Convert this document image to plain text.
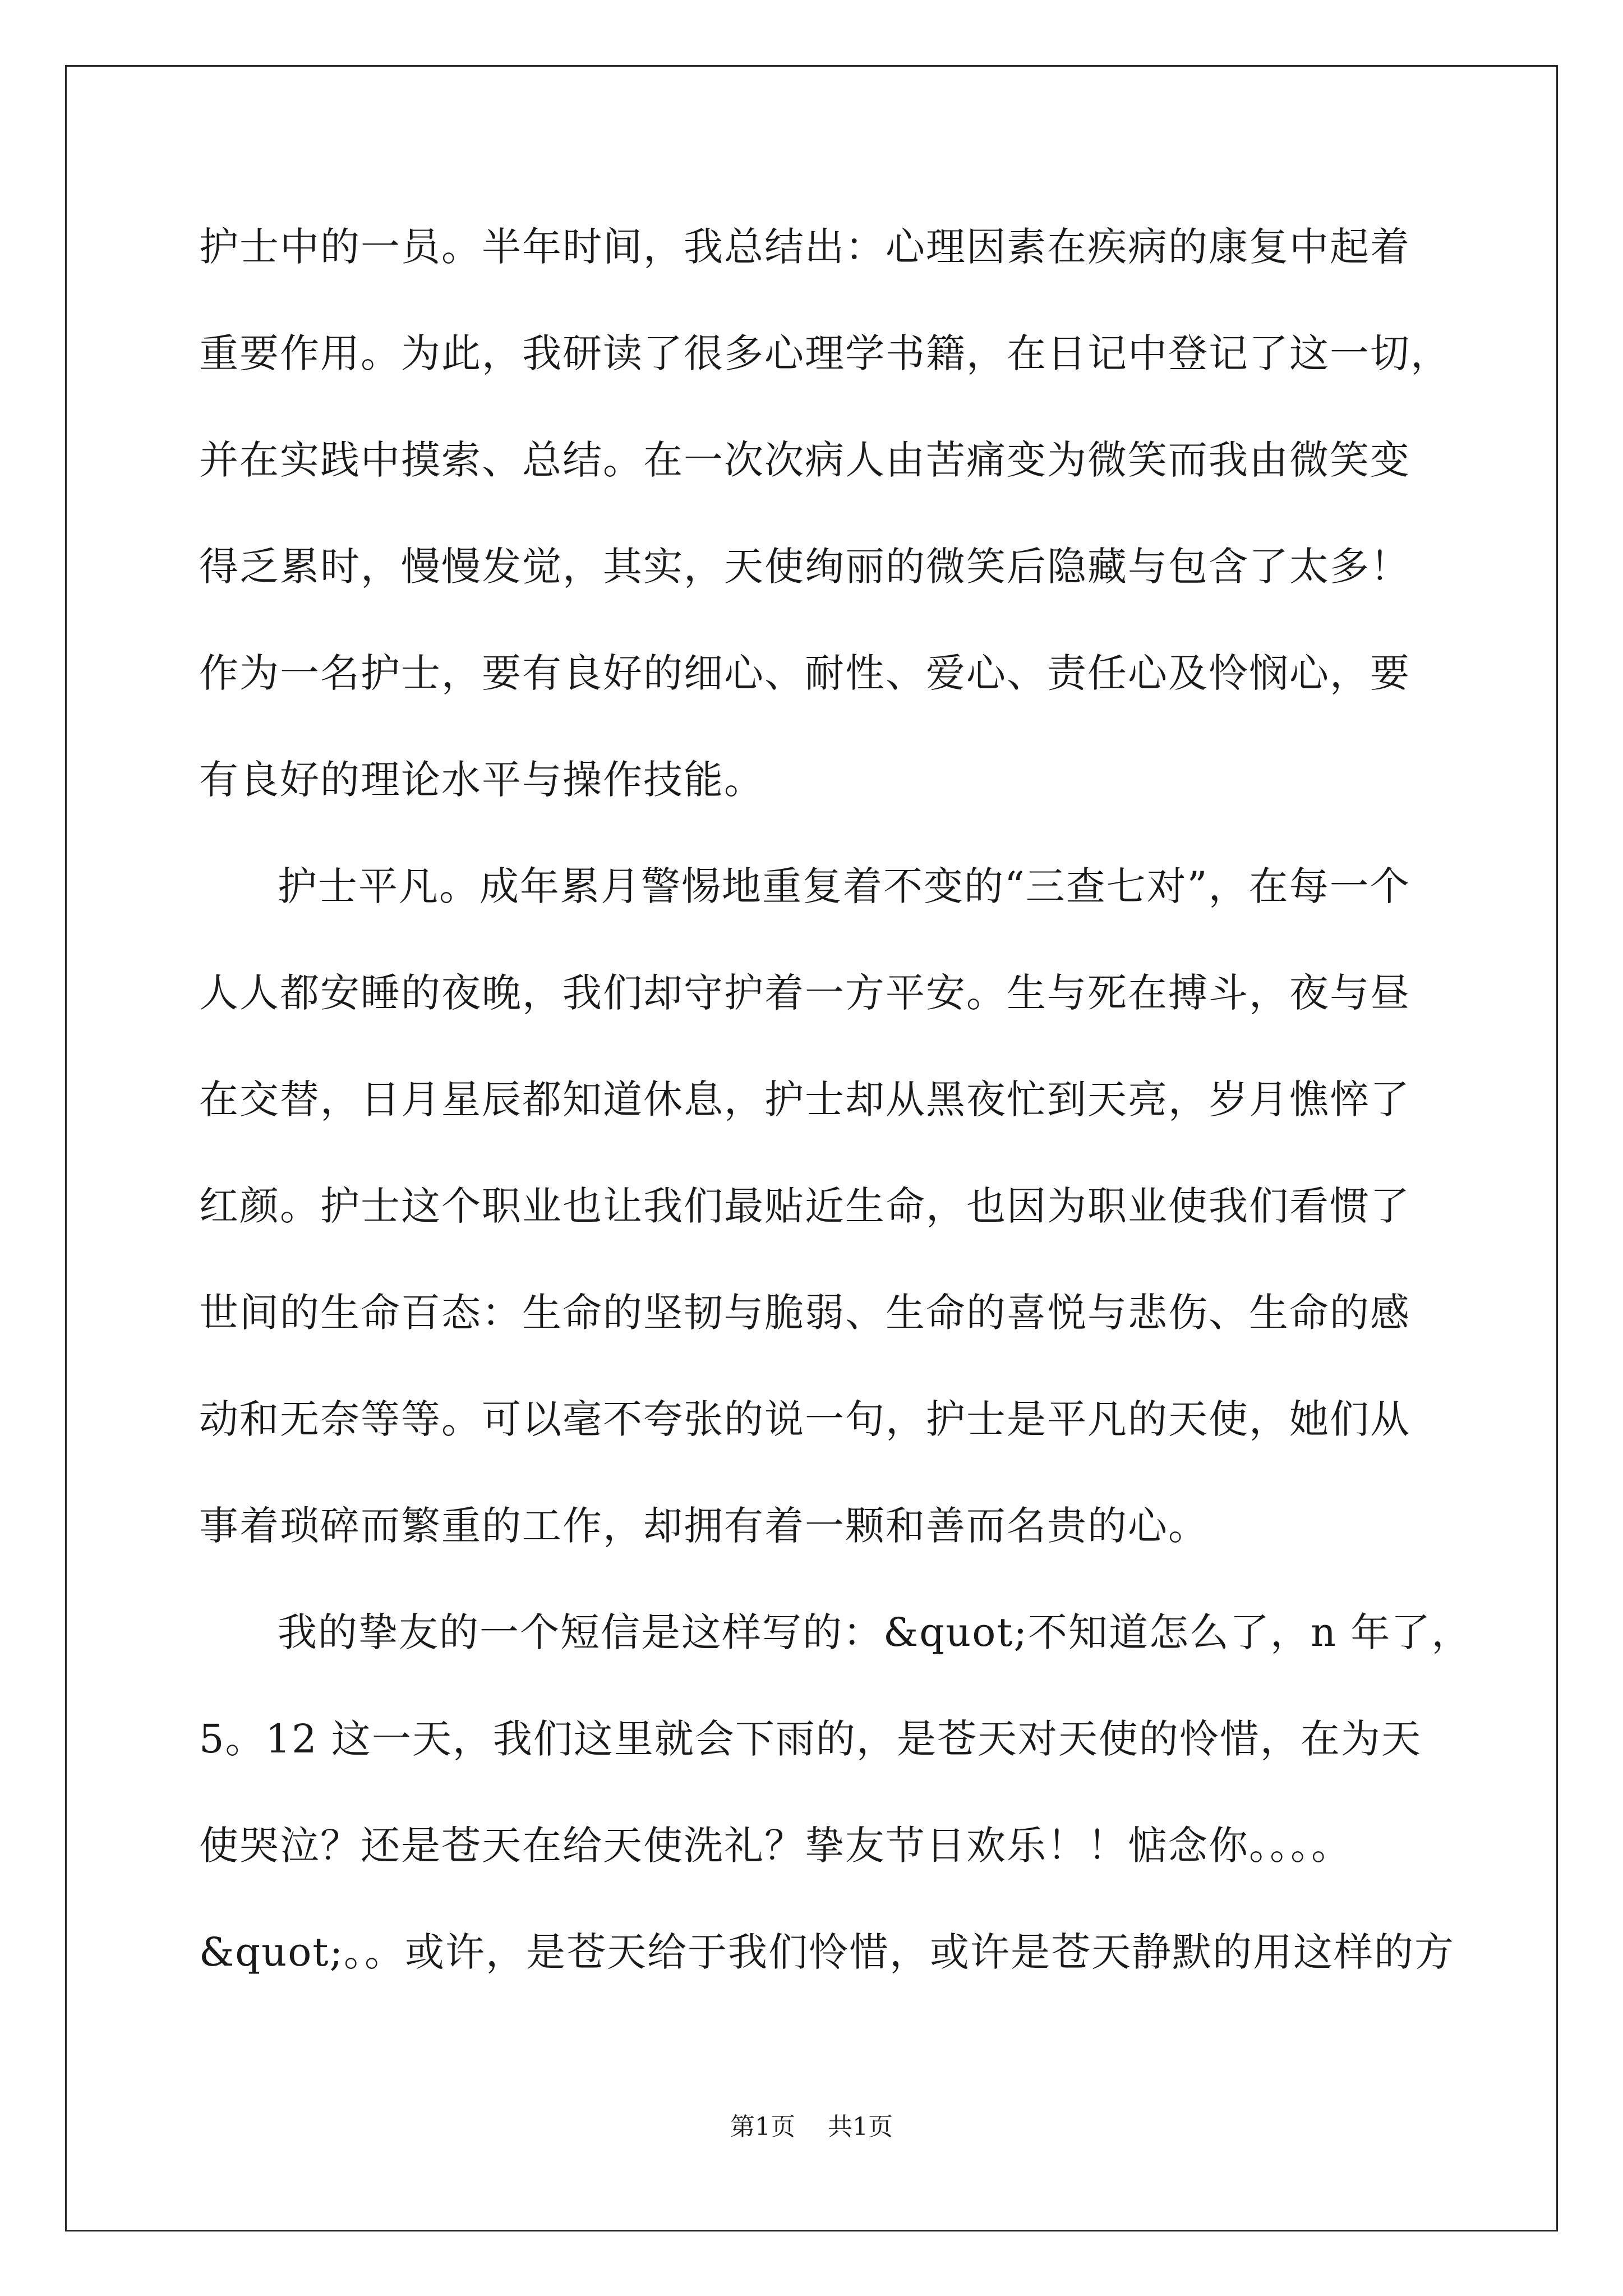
护士中的一员。半年时间，我总结出：心理因素在疾病的康复中起着
重要作用。为此，我研读了很多心理学书籍，在日记中登记了这一切，
并在实践中摸索、总结。在一次次病人由苦痛变为微笑而我由微笑变
得乏累时，慢慢发觉，其实，天使绚丽的微笑后隐藏与包含了太多！
作为一名护士，要有良好的细心、耐性、爱心、责任心及怜悯心，要
有良好的理论水平与操作技能。
护士平凡。成年累月警惕地重复着不变的“三查七对”，在每一个
人人都安睡的夜晚，我们却守护着一方平安。生与死在搏斗，夜与昼
在交替，日月星辰都知道休息，护士却从黑夜忙到天亮，岁月憔悴了
红颜。护士这个职业也让我们最贴近生命，也因为职业使我们看惯了
世间的生命百态：生命的坚韧与脆弱、生命的喜悦与悲伤、生命的感
动和无奈等等。可以毫不夸张的说一句，护士是平凡的天使，她们从
事着琐碎而繁重的工作，却拥有着一颗和善而名贵的心。
我的挚友的一个短信是这样写的：&quot;不知道怎么了，n 年了，
5。12 这一天，我们这里就会下雨的，是苍天对天使的怜惜，在为天
使哭泣？还是苍天在给天使洗礼？挚友节日欢乐！！惦念你。。。。
&quot;。。或许，是苍天给于我们怜惜，或许是苍天静默的用这样的方
第1页 共1页
